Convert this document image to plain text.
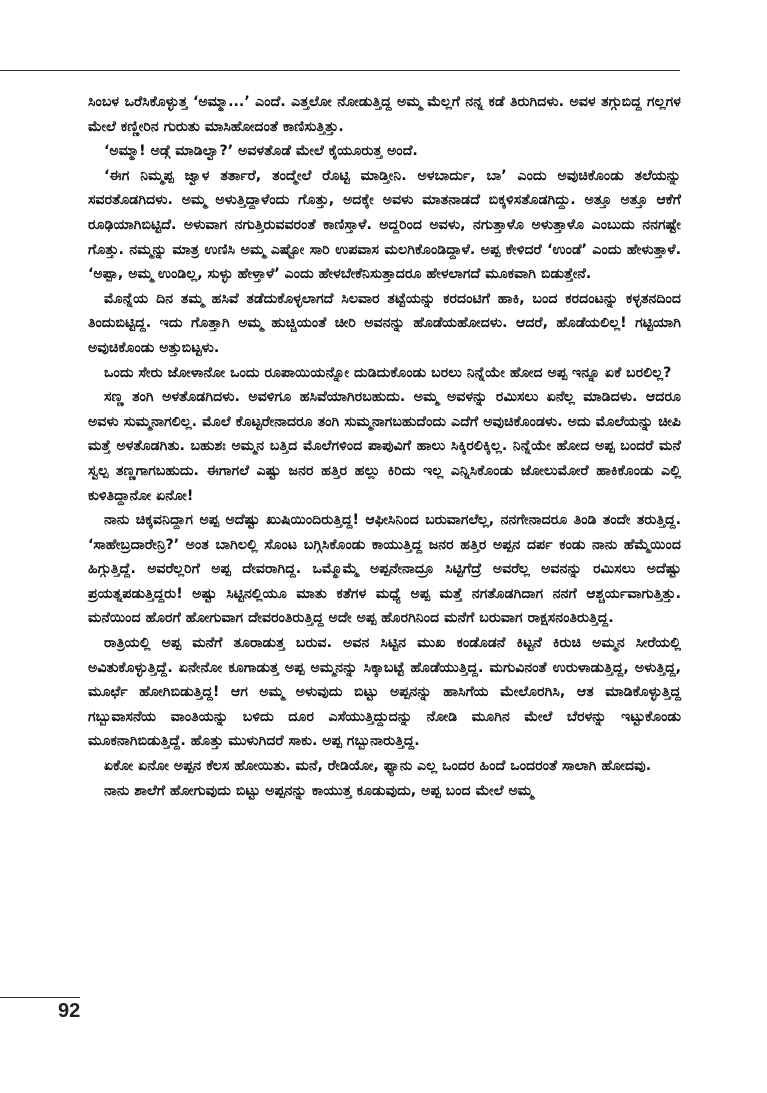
ಸಿಂಬಳ ಒರೆಸಿಕೊಳ್ಳುತ್ತ ‘ಅಮ್ಮಾ...’ ಎಂದೆ. ಎತ್ತಲೋ ನೋಡುತ್ತಿದ್ದ ಅಮ್ಮ ಮೆಲ್ಲಗೆ ನನ್ನ ಕಡೆ ತಿರುಗಿದಳು. ಅವಳ ತಗ್ಗುಬಿದ್ದ ಗಲ್ಲಗಳ ಮೇಲೆ ಕಣ್ಣೀರಿನ ಗುರುತು ಮಾಸಿಹೋದಂತೆ ಕಾಣಿಸುತ್ತಿತ್ತು.

‘ಅಮ್ಮಾ! ಅಡ್ಗೆ ಮಾಡಿಲ್ವಾ?’ ಅವಳತೊಡೆ ಮೇಲೆ ಕೈಯೂರುತ್ತ ಅಂದೆ.

‘ಈಗ ನಿಮ್ಮಪ್ಪ ಜ್ವಾಳ ತರ್ತಾರೆ, ತಂದ್ಮೇಲೆ ರೊಟ್ಟಿ ಮಾಡ್ತೀನಿ. ಅಳಬಾರ್ದು, ಬಾ’ ಎಂದು ಅವುಚಿಕೊಂಡು ತಲೆಯನ್ನು ಸವರತೊಡಗಿದಳು. ಅಮ್ಮ ಅಳುತ್ತಿದ್ದಾಳೆಂದು ಗೊತ್ತು, ಅದಕ್ಕೇ ಅವಳು ಮಾತನಾಡದೆ ಬಿಕ್ಕಳಿಸತೊಡಗಿದ್ದು. ಅತ್ತೂ ಅತ್ತೂ ಆಕೆಗೆ ರೂಢಿಯಾಗಿಬಿಟ್ಟಿದೆ. ಅಳುವಾಗ ನಗುತ್ತಿರುವವರಂತೆ ಕಾಣಿಸ್ತಾಳೆ. ಅದ್ದರಿಂದ ಅವಳು, ನಗುತ್ತಾಳೊ ಅಳುತ್ತಾಳೊ ಎಂಬುದು ನನಗಷ್ಟೇ ಗೊತ್ತು. ನಮ್ಮನ್ನು ಮಾತ್ರ ಉಣಿಸಿ ಅಮ್ಮ ಎಷ್ಟೋ ಸಾರಿ ಉಪವಾಸ ಮಲಗಿಕೊಂಡಿದ್ದಾಳೆ. ಅಪ್ಪ ಕೇಳಿದರೆ ‘ಉಂಡೆ’ ಎಂದು ಹೇಳುತ್ತಾಳೆ. ‘ಅಪ್ಪಾ, ಅಮ್ಮ ಉಂಡಿಲ್ಲ, ಸುಳ್ಳು ಹೇಳ್ತಾಳೆ’ ಎಂದು ಹೇಳಬೇಕೆನಿಸುತ್ತಾದರೂ ಹೇಳಲಾಗದೆ ಮೂಕವಾಗಿ ಬಿಡುತ್ತೇನೆ.

ಮೊನ್ನೆಯ ದಿನ ತಮ್ಮ ಹಸಿವೆ ತಡೆದುಕೊಳ್ಳಲಾಗದೆ ಸಿಲವಾರ ತಟ್ಟೆಯನ್ನು ಕರದಂಟಿಗೆ ಹಾಕಿ, ಬಂದ ಕರದಂಟನ್ನು ಕಳ್ಳತನದಿಂದ ತಿಂದುಬಿಟ್ಟಿದ್ದ. ಇದು ಗೊತ್ತಾಗಿ ಅಮ್ಮ ಹುಚ್ಚಿಯಂತೆ ಚೀರಿ ಅವನನ್ನು ಹೊಡೆಯಹೋದಳು. ಆದರೆ, ಹೊಡೆಯಲಿಲ್ಲ! ಗಟ್ಟಿಯಾಗಿ ಅವುಚಿಕೊಂಡು ಅತ್ತುಬಿಟ್ಟಳು.

ಒಂದು ಸೇರು ಜೋಳಾನೋ ಒಂದು ರೂಪಾಯಿಯನ್ನೋ ದುಡಿದುಕೊಂಡು ಬರಲು ನಿನ್ನೆಯೇ ಹೋದ ಅಪ್ಪ ಇನ್ನೂ ಏಕೆ ಬರಲಿಲ್ಲ?

ಸಣ್ಣ ತಂಗಿ ಅಳತೊಡಗಿದಳು. ಅವಳಿಗೂ ಹಸಿವೆಯಾಗಿರಬಹುದು. ಅಮ್ಮ ಅವಳನ್ನು ರಮಿಸಲು ಏನೆಲ್ಲ ಮಾಡಿದಳು. ಆದರೂ ಅವಳು ಸುಮ್ಮನಾಗಲಿಲ್ಲ. ಮೊಲೆ ಕೊಟ್ಟರೇನಾದರೂ ತಂಗಿ ಸುಮ್ಮನಾಗಬಹುದೆಂದು ಎದೆಗೆ ಅವುಚಿಕೊಂಡಳು. ಅದು ಮೊಲೆಯನ್ನು ಚೀಪಿ ಮತ್ತೆ ಅಳತೊಡಗಿತು. ಬಹುಶಃ ಅಮ್ಮನ ಬತ್ತಿದ ಮೊಲೆಗಳಿಂದ ಪಾಪುವಿಗೆ ಹಾಲು ಸಿಕ್ಕಿರಲಿಕ್ಕಿಲ್ಲ. ನಿನ್ನೆಯೇ ಹೋದ ಅಪ್ಪ ಬಂದರೆ ಮನೆ ಸ್ವಲ್ಪ ತಣ್ಣಗಾಗಬಹುದು. ಈಗಾಗಲೆ ಎಷ್ಟು ಜನರ ಹತ್ತಿರ ಹಲ್ಲು ಕಿರಿದು ಇಲ್ಲ ಎನ್ನಿಸಿಕೊಂಡು ಜೋಲುಮೋರೆ ಹಾಕಿಕೊಂಡು ಎಲ್ಲಿ ಕುಳಿತಿದ್ದಾನೋ ಏನೋ!

ನಾನು ಚಿಕ್ಕವನಿದ್ದಾಗ ಅಪ್ಪ ಅದೆಷ್ಟು ಖುಷಿಯಿಂದಿರುತ್ತಿದ್ದ! ಆಫೀಸಿನಿಂದ ಬರುವಾಗಲೆಲ್ಲ, ನನಗೇನಾದರೂ ತಿಂಡಿ ತಂದೇ ತರುತ್ತಿದ್ದ. ‘ಸಾಹೇಬ್ರದಾರೇನ್ರಿ?’ ಅಂತ ಬಾಗಿಲಲ್ಲಿ ಸೊಂಟ ಬಗ್ಗಿಸಿಕೊಂಡು ಕಾಯುತ್ತಿದ್ದ ಜನರ ಹತ್ತಿರ ಅಪ್ಪನ ದರ್ಪ ಕಂಡು ನಾನು ಹೆಮ್ಮೆಯಿಂದ ಹಿಗ್ಗುತ್ತಿದ್ದೆ. ಅವರೆಲ್ಲರಿಗೆ ಅಪ್ಪ ದೇವರಾಗಿದ್ದ. ಒಮ್ಮೊಮ್ಮೆ ಅಪ್ಪನೇನಾದ್ರೂ ಸಿಟ್ಟಿಗೆದ್ರೆ ಅವರೆಲ್ಲ ಅವನನ್ನು ರಮಿಸಲು ಅದೆಷ್ಟು ಪ್ರಯತ್ನಪಡುತ್ತಿದ್ದರು! ಅಷ್ಟು ಸಿಟ್ಟಿನಲ್ಲಿಯೂ ಮಾತು ಕತೆಗಳ ಮಧ್ಯೆ ಅಪ್ಪ ಮತ್ತೆ ನಗತೊಡಗಿದಾಗ ನನಗೆ ಆಶ್ಚರ್ಯವಾಗುತ್ತಿತ್ತು. ಮನೆಯಿಂದ ಹೊರಗೆ ಹೋಗುವಾಗ ದೇವರಂತಿರುತ್ತಿದ್ದ ಅದೇ ಅಪ್ಪ ಹೊರಗಿನಿಂದ ಮನೆಗೆ ಬರುವಾಗ ರಾಕ್ಷಸನಂತಿರುತ್ತಿದ್ದ.

ರಾತ್ರಿಯಲ್ಲಿ ಅಪ್ಪ ಮನೆಗೆ ತೂರಾಡುತ್ತ ಬರುವ. ಅವನ ಸಿಟ್ಟಿನ ಮುಖ ಕಂಡೊಡನೆ ಕಿಟ್ಟನೆ ಕಿರುಚಿ ಅಮ್ಮನ ಸೀರೆಯಲ್ಲಿ ಅವಿತುಕೊಳ್ಳುತ್ತಿದ್ದೆ. ಏನೇನೋ ಕೂಗಾಡುತ್ತ ಅಪ್ಪ ಅಮ್ಮನನ್ನು ಸಿಕ್ಕಾಬಟ್ಟೆ ಹೊಡೆಯುತ್ತಿದ್ದ. ಮಗುವಿನಂತೆ ಉರುಳಾಡುತ್ತಿದ್ದ, ಅಳುತ್ತಿದ್ದ, ಮೂರ್ಛೆ ಹೋಗಿಬಿಡುತ್ತಿದ್ದ! ಆಗ ಅಮ್ಮ ಅಳುವುದು ಬಿಟ್ಟು ಅಪ್ಪನನ್ನು ಹಾಸಿಗೆಯ ಮೇಲೊರಗಿಸಿ, ಆತ ಮಾಡಿಕೊಳ್ಳುತ್ತಿದ್ದ ಗಬ್ಬುವಾಸನೆಯ ವಾಂತಿಯನ್ನು ಬಳಿದು ದೂರ ಎಸೆಯುತ್ತಿದ್ದುದನ್ನು ನೋಡಿ ಮೂಗಿನ ಮೇಲೆ ಬೆರಳನ್ನು ಇಟ್ಟುಕೊಂಡು ಮೂಕನಾಗಿಬಿಡುತ್ತಿದ್ದೆ. ಹೊತ್ತು ಮುಳುಗಿದರೆ ಸಾಕು. ಅಪ್ಪ ಗಬ್ಬುನಾರುತ್ತಿದ್ದ.

ಏಕೋ ಏನೋ ಅಪ್ಪನ ಕೆಲಸ ಹೋಯಿತು. ಮನೆ, ರೇಡಿಯೋ, ಫ್ಯಾನು ಎಲ್ಲ ಒಂದರ ಹಿಂದೆ ಒಂದರಂತೆ ಸಾಲಾಗಿ ಹೋದವು.

ನಾನು ಶಾಲೆಗೆ ಹೋಗುವುದು ಬಿಟ್ಟು ಅಪ್ಪನನ್ನು ಕಾಯುತ್ತ ಕೂಡುವುದು, ಅಪ್ಪ ಬಂದ ಮೇಲೆ ಅಮ್ಮ

92
